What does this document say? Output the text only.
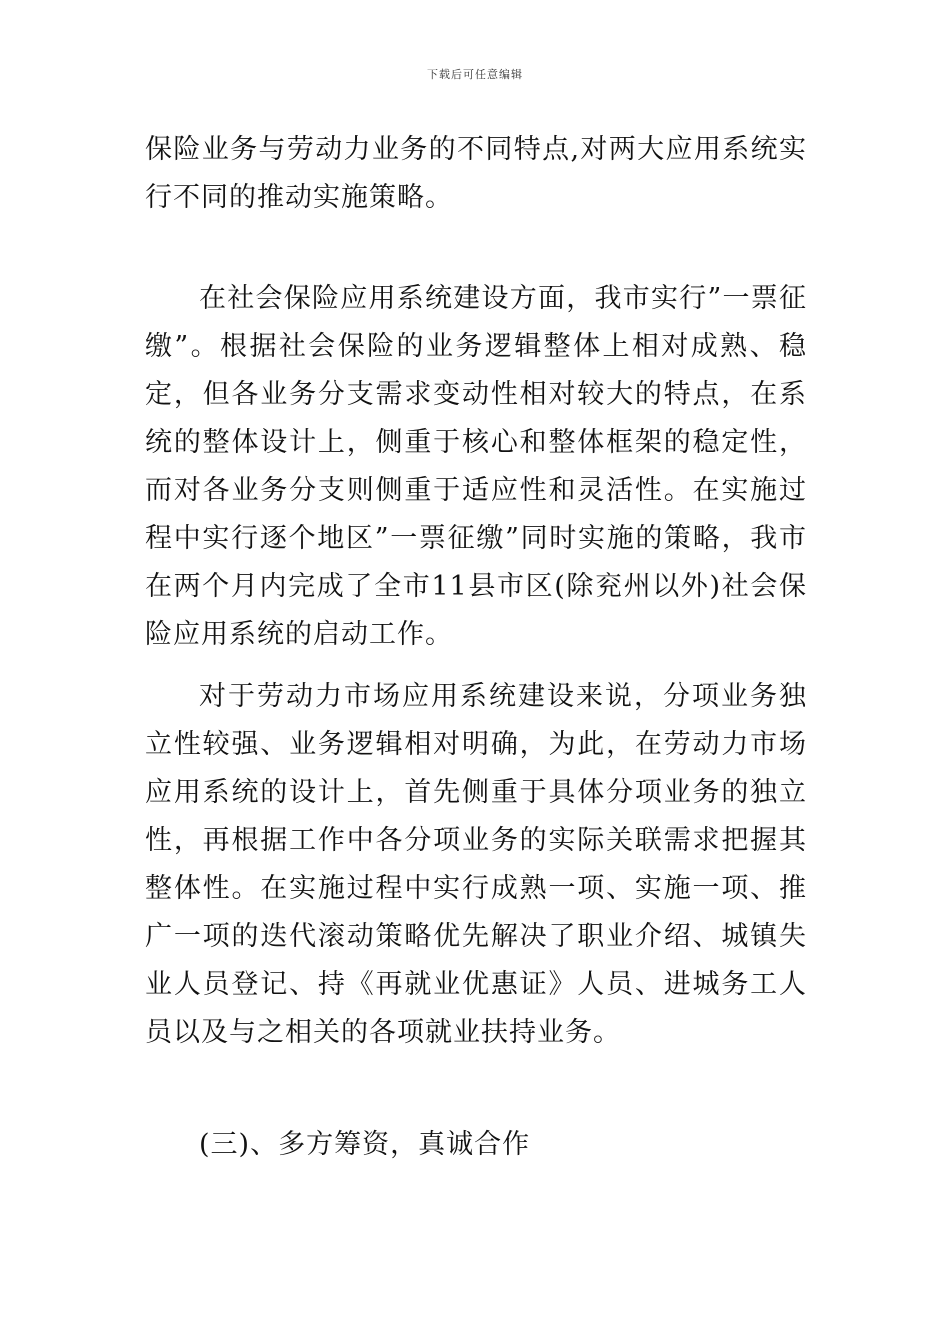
下载后可任意编辑

保险业务与劳动力业务的不同特点,对两大应用系统实行不同的推动实施策略。

在社会保险应用系统建设方面，我市实行”一票征缴”。根据社会保险的业务逻辑整体上相对成熟、稳定，但各业务分支需求变动性相对较大的特点，在系统的整体设计上，侧重于核心和整体框架的稳定性，而对各业务分支则侧重于适应性和灵活性。在实施过程中实行逐个地区”一票征缴”同时实施的策略，我市在两个月内完成了全市11县市区(除兖州以外)社会保险应用系统的启动工作。

对于劳动力市场应用系统建设来说，分项业务独立性较强、业务逻辑相对明确，为此，在劳动力市场应用系统的设计上，首先侧重于具体分项业务的独立性，再根据工作中各分项业务的实际关联需求把握其整体性。在实施过程中实行成熟一项、实施一项、推广一项的迭代滚动策略优先解决了职业介绍、城镇失业人员登记、持《再就业优惠证》人员、进城务工人员以及与之相关的各项就业扶持业务。

(三)、多方筹资，真诚合作
